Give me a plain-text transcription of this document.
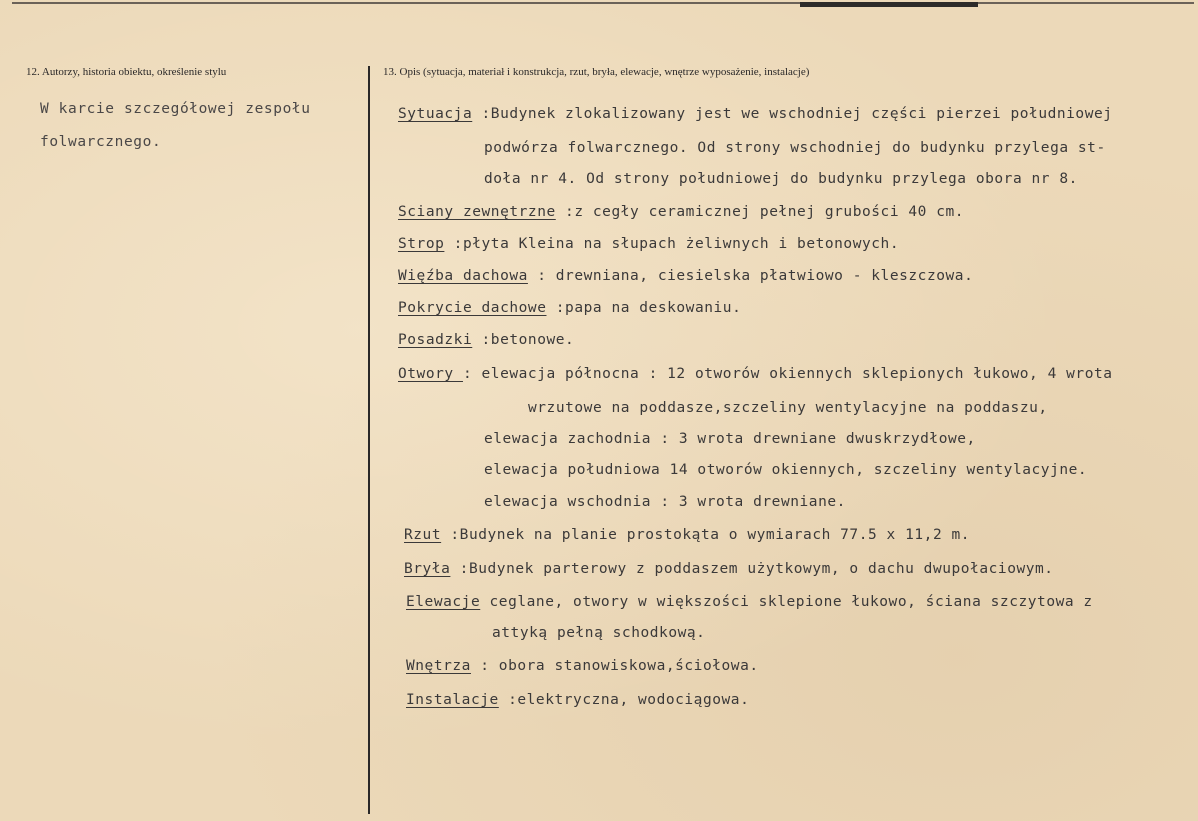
12. Autorzy, historia obiektu, określenie stylu
W karcie szczegółowej zespołu
folwarcznego.
13. Opis (sytuacja, materiał i konstrukcja, rzut, bryła, elewacje, wnętrze wyposażenie, instalacje)
Sytuacja :Budynek zlokalizowany jest we wschodniej części pierzei południowej
podwórza folwarcznego. Od strony wschodniej do budynku przylega st-
doła nr 4. Od strony południowej do budynku przylega obora nr 8.
Sciany zewnętrzne :z cegły ceramicznej pełnej grubości 40 cm.
Strop :płyta Kleina na słupach żeliwnych i betonowych.
Więźba dachowa : drewniana, ciesielska płatwiowo - kleszczowa.
Pokrycie dachowe :papa na deskowaniu.
Posadzki :betonowe.
Otwory : elewacja północna : 12 otworów okiennych sklepionych łukowo, 4 wrota
wrzutowe na poddasze,szczeliny wentylacyjne na poddaszu,
elewacja zachodnia : 3 wrota drewniane dwuskrzydłowe,
elewacja południowa 14 otworów okiennych, szczeliny wentylacyjne.
elewacja wschodnia : 3 wrota drewniane.
Rzut :Budynek na planie prostokąta o wymiarach 77.5 x 11,2 m.
Bryła :Budynek parterowy z poddaszem użytkowym, o dachu dwupołaciowym.
Elewacje ceglane, otwory w większości sklepione łukowo, ściana szczytowa z
attyką pełną schodkową.
Wnętrza : obora stanowiskowa,ściołowa.
Instalacje :elektryczna, wodociągowa.
